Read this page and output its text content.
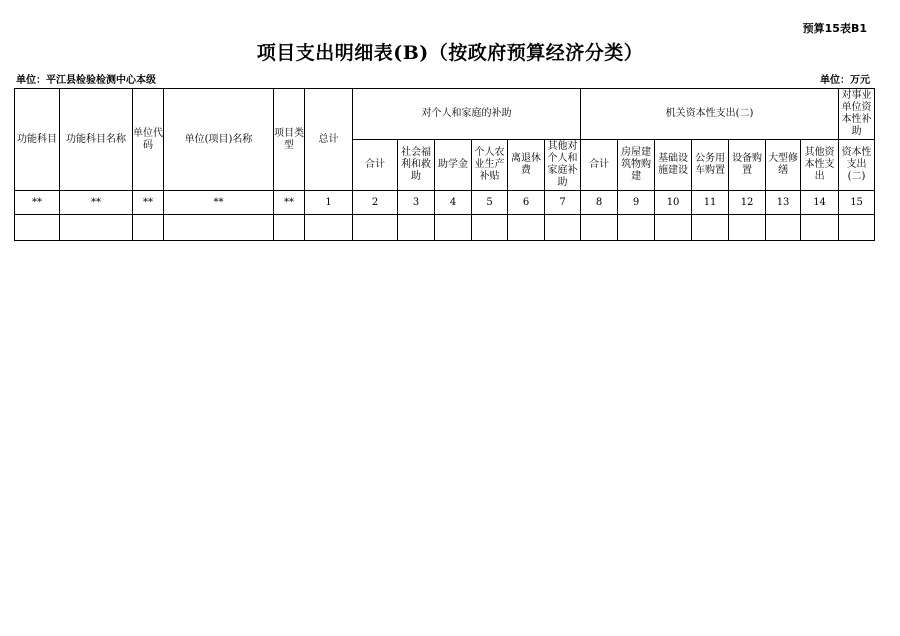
预算15表B1
项目支出明细表(B)（按政府预算经济分类）
单位：平江县检验检测中心本级	单位：万元
功能科目	功能科目名称	单位代码	单位(项目)名称	项目类型	总计	对个人和家庭的补助						机关资本性支出(二)							对事业单位资本性补助
						合计	社会福利和救助	助学金	个人农业生产补贴	离退休费	其他对个人和家庭补助	合计	房屋建筑物购建	基础设施建设	公务用车购置	设备购置	大型修缮	其他资本性支出	资本性支出(二)
**	**	**	**	**	1	2	3	4	5	6	7	8	9	10	11	12	13	14	15
